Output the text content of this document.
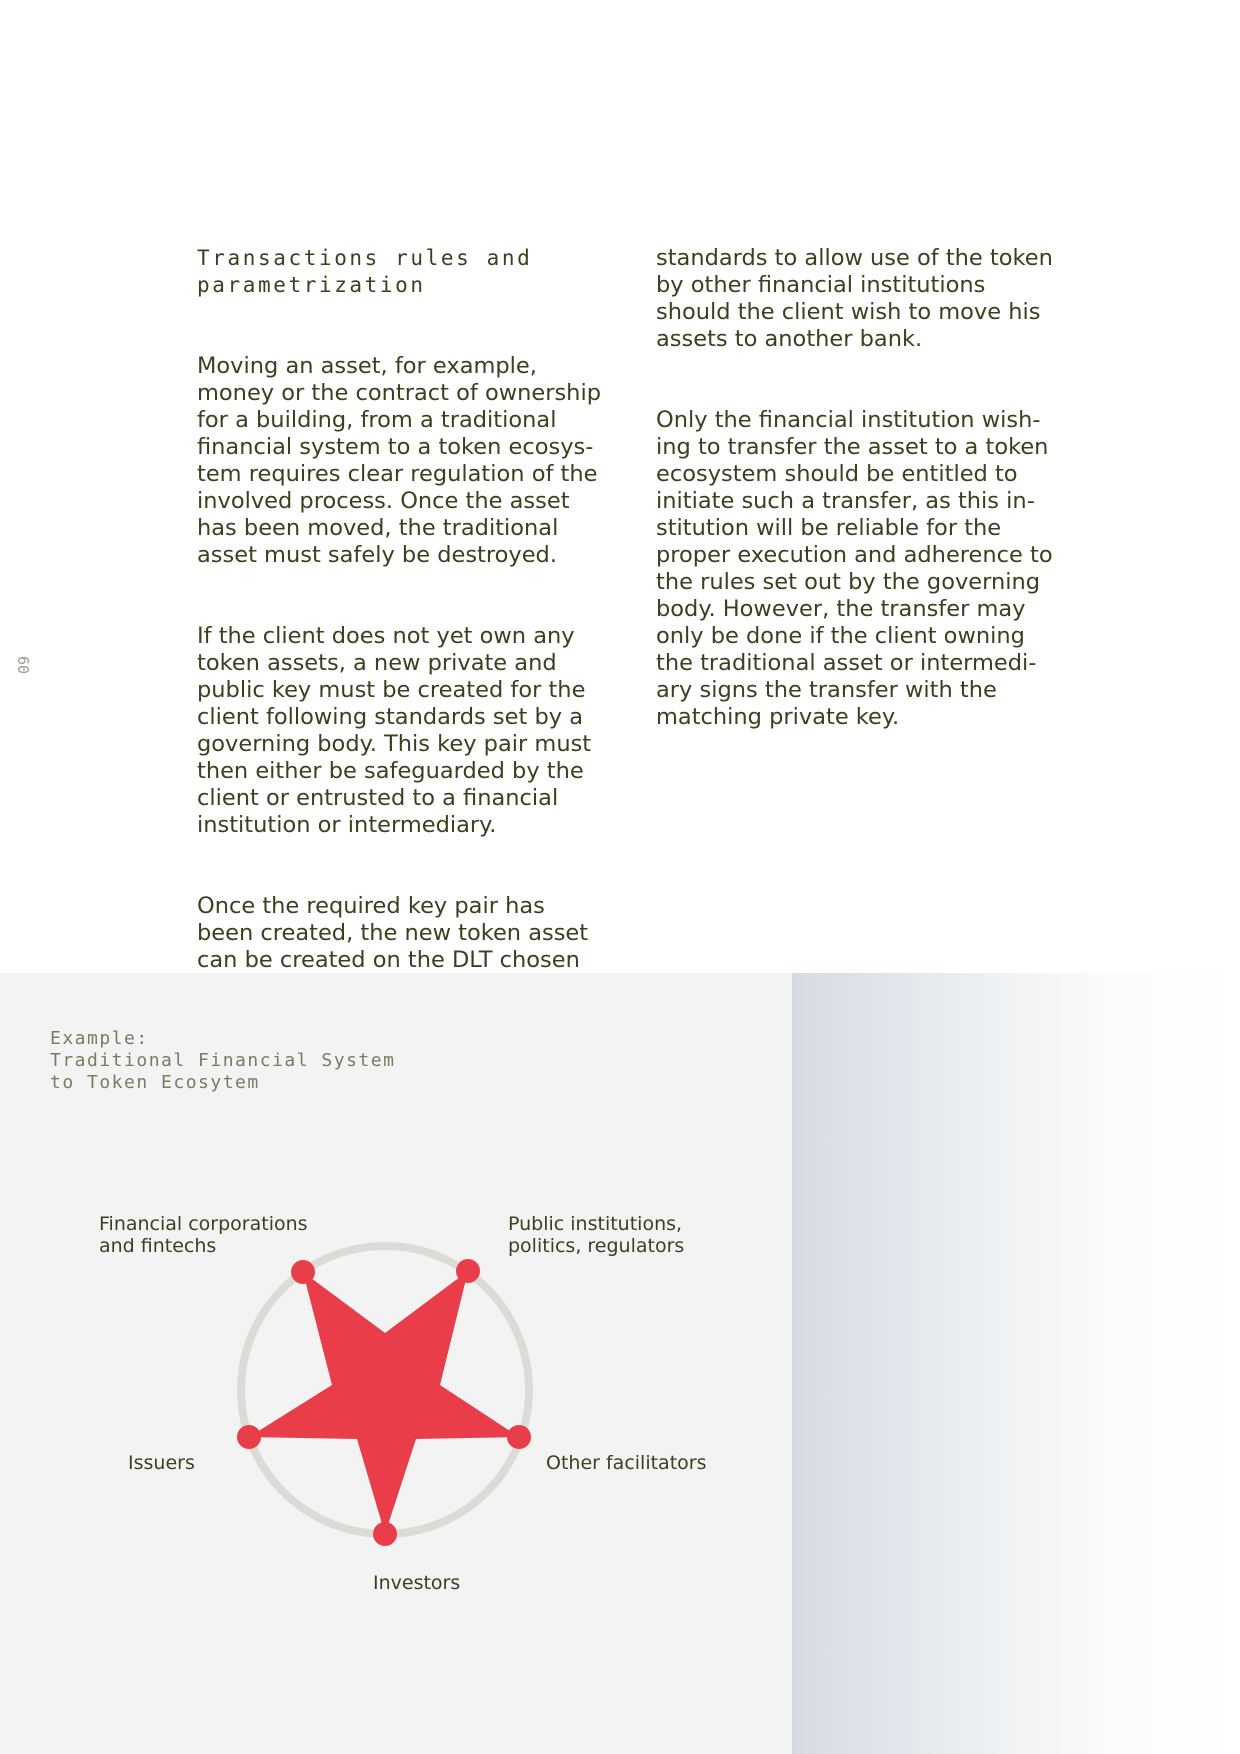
60

Transactions rules and
parametrization

Moving an asset, for example,
money or the contract of ownership
for a building, from a traditional
financial system to a token ecosys-
tem requires clear regulation of the
involved process. Once the asset
has been moved, the traditional
asset must safely be destroyed.

If the client does not yet own any
token assets, a new private and
public key must be created for the
client following standards set by a
governing body. This key pair must
then either be safeguarded by the
client or entrusted to a financial
institution or intermediary.

Once the required key pair has
been created, the new token asset
can be created on the DLT chosen

standards to allow use of the token
by other financial institutions
should the client wish to move his
assets to another bank.

Only the financial institution wish-
ing to transfer the asset to a token
ecosystem should be entitled to
initiate such a transfer, as this in-
stitution will be reliable for the
proper execution and adherence to
the rules set out by the governing
body. However, the transfer may
only be done if the client owning
the traditional asset or intermedi-
ary signs the transfer with the
matching private key.

Example:
Traditional Financial System
to Token Ecosytem
Financial corporations
and fintechs
Public institutions,
politics, regulators
Other facilitators
Investors
Issuers
